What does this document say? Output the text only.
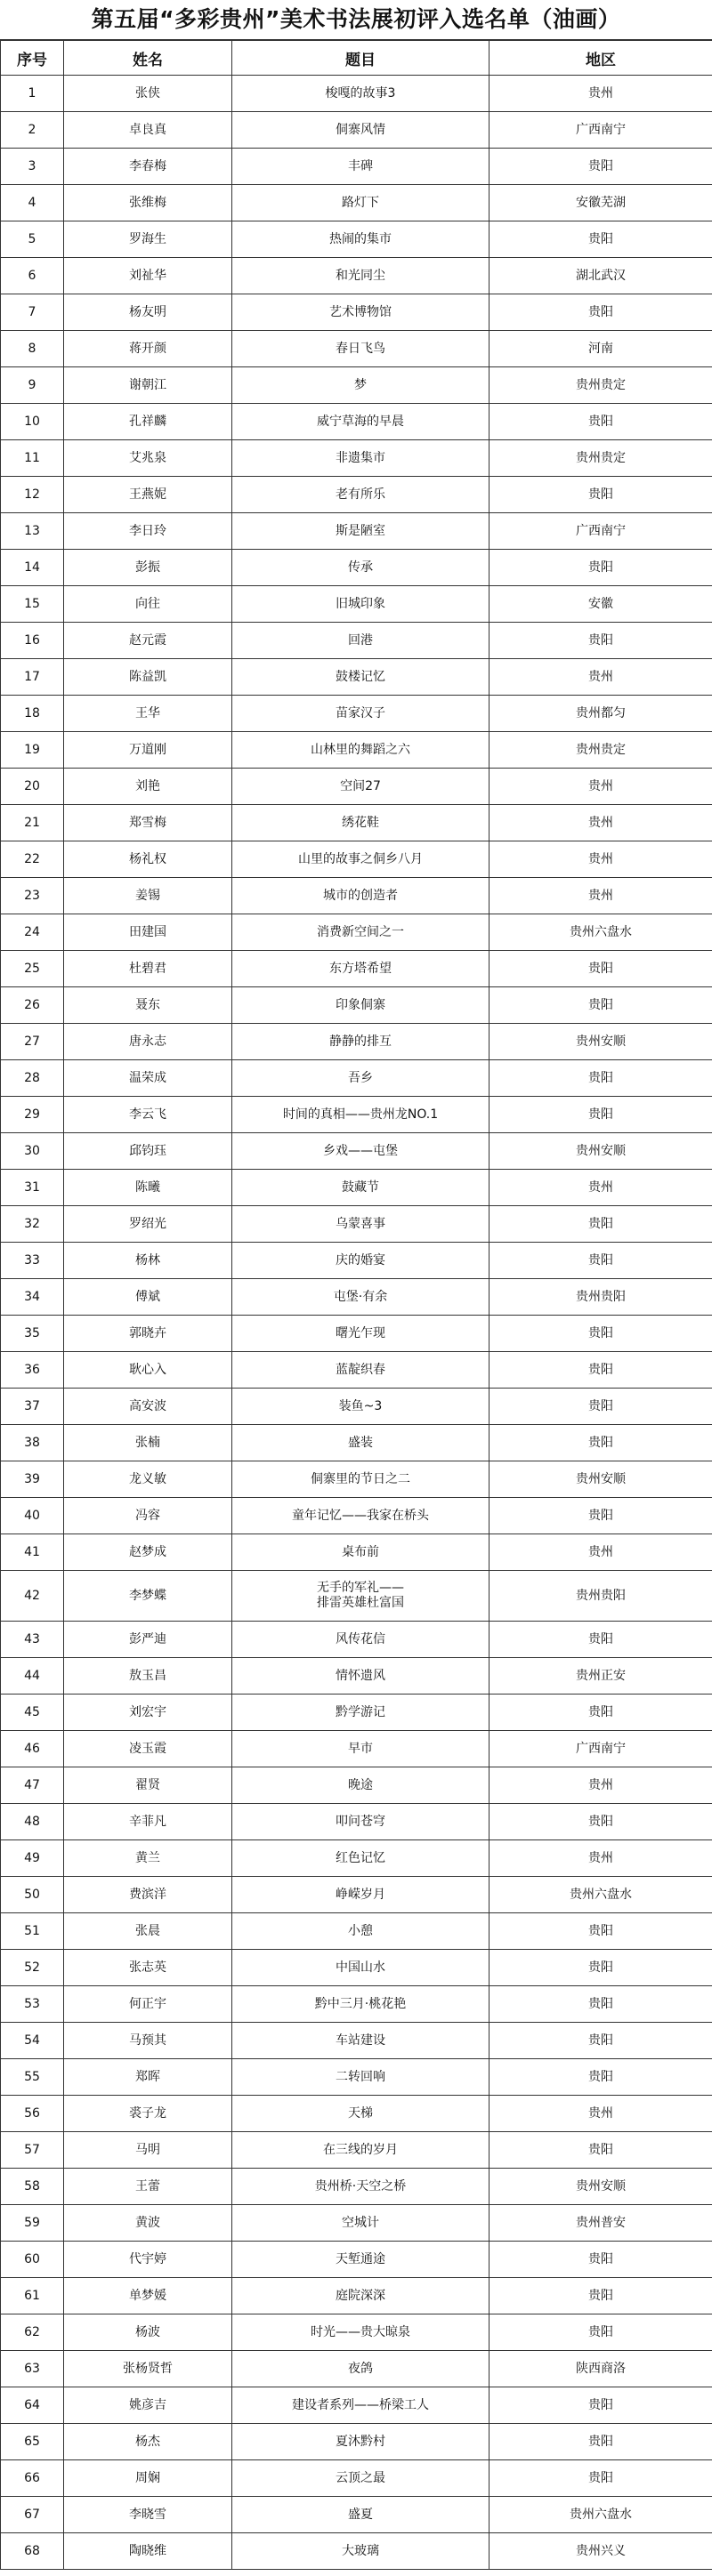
第五届“多彩贵州”美术书法展初评入选名单（油画）
序号	姓名	题目	地区
1	张侠	梭嘎的故事3	贵州
2	卓良真	侗寨风情	广西南宁
3	李春梅	丰碑	贵阳
4	张维梅	路灯下	安徽芜湖
5	罗海生	热闹的集市	贵阳
6	刘祉华	和光同尘	湖北武汉
7	杨友明	艺术博物馆	贵阳
8	蒋开颜	春日飞鸟	河南
9	谢朝江	梦	贵州贵定
10	孔祥麟	威宁草海的早晨	贵阳
11	艾兆泉	非遗集市	贵州贵定
12	王燕妮	老有所乐	贵阳
13	李日玲	斯是陋室	广西南宁
14	彭振	传承	贵阳
15	向往	旧城印象	安徽
16	赵元霞	回港	贵阳
17	陈益凯	鼓楼记忆	贵州
18	王华	苗家汉子	贵州都匀
19	万道刚	山林里的舞蹈之六	贵州贵定
20	刘艳	空间27	贵州
21	郑雪梅	绣花鞋	贵州
22	杨礼权	山里的故事之侗乡八月	贵州
23	姜锡	城市的创造者	贵州
24	田建国	消费新空间之一	贵州六盘水
25	杜碧君	东方塔希望	贵阳
26	聂东	印象侗寨	贵阳
27	唐永志	静静的排互	贵州安顺
28	温荣成	吾乡	贵阳
29	李云飞	时间的真相——贵州龙NO.1	贵阳
30	邱钧珏	乡戏——屯堡	贵州安顺
31	陈曦	鼓藏节	贵州
32	罗绍光	乌蒙喜事	贵阳
33	杨林	庆的婚宴	贵阳
34	傅斌	屯堡·有余	贵州贵阳
35	郭晓卉	曙光乍现	贵阳
36	耿心入	蓝靛织春	贵阳
37	高安波	装鱼~3	贵阳
38	张楠	盛装	贵阳
39	龙义敏	侗寨里的节日之二	贵州安顺
40	冯容	童年记忆——我家在桥头	贵阳
41	赵梦成	桌布前	贵州
42	李梦蝶	无手的军礼——
排雷英雄杜富国	贵州贵阳
43	彭严迪	风传花信	贵阳
44	敖玉昌	情怀遗风	贵州正安
45	刘宏宇	黔学游记	贵阳
46	凌玉霞	早市	广西南宁
47	翟贤	晚途	贵州
48	辛菲凡	叩问苍穹	贵阳
49	黄兰	红色记忆	贵州
50	费滨洋	峥嵘岁月	贵州六盘水
51	张晨	小憩	贵阳
52	张志英	中国山水	贵阳
53	何正宇	黔中三月·桃花艳	贵阳
54	马预其	车站建设	贵阳
55	郑晖	二转回响	贵阳
56	裘子龙	天梯	贵州
57	马明	在三线的岁月	贵阳
58	王蕾	贵州桥·天空之桥	贵州安顺
59	黄波	空城计	贵州普安
60	代宇婷	天堑通途	贵阳
61	单梦媛	庭院深深	贵阳
62	杨波	时光——贵大晾泉	贵阳
63	张杨贤哲	夜鸽	陕西商洛
64	姚彦吉	建设者系列——桥梁工人	贵阳
65	杨杰	夏沐黔村	贵阳
66	周娴	云顶之最	贵阳
67	李晓雪	盛夏	贵州六盘水
68	陶晓维	大玻璃	贵州兴义
